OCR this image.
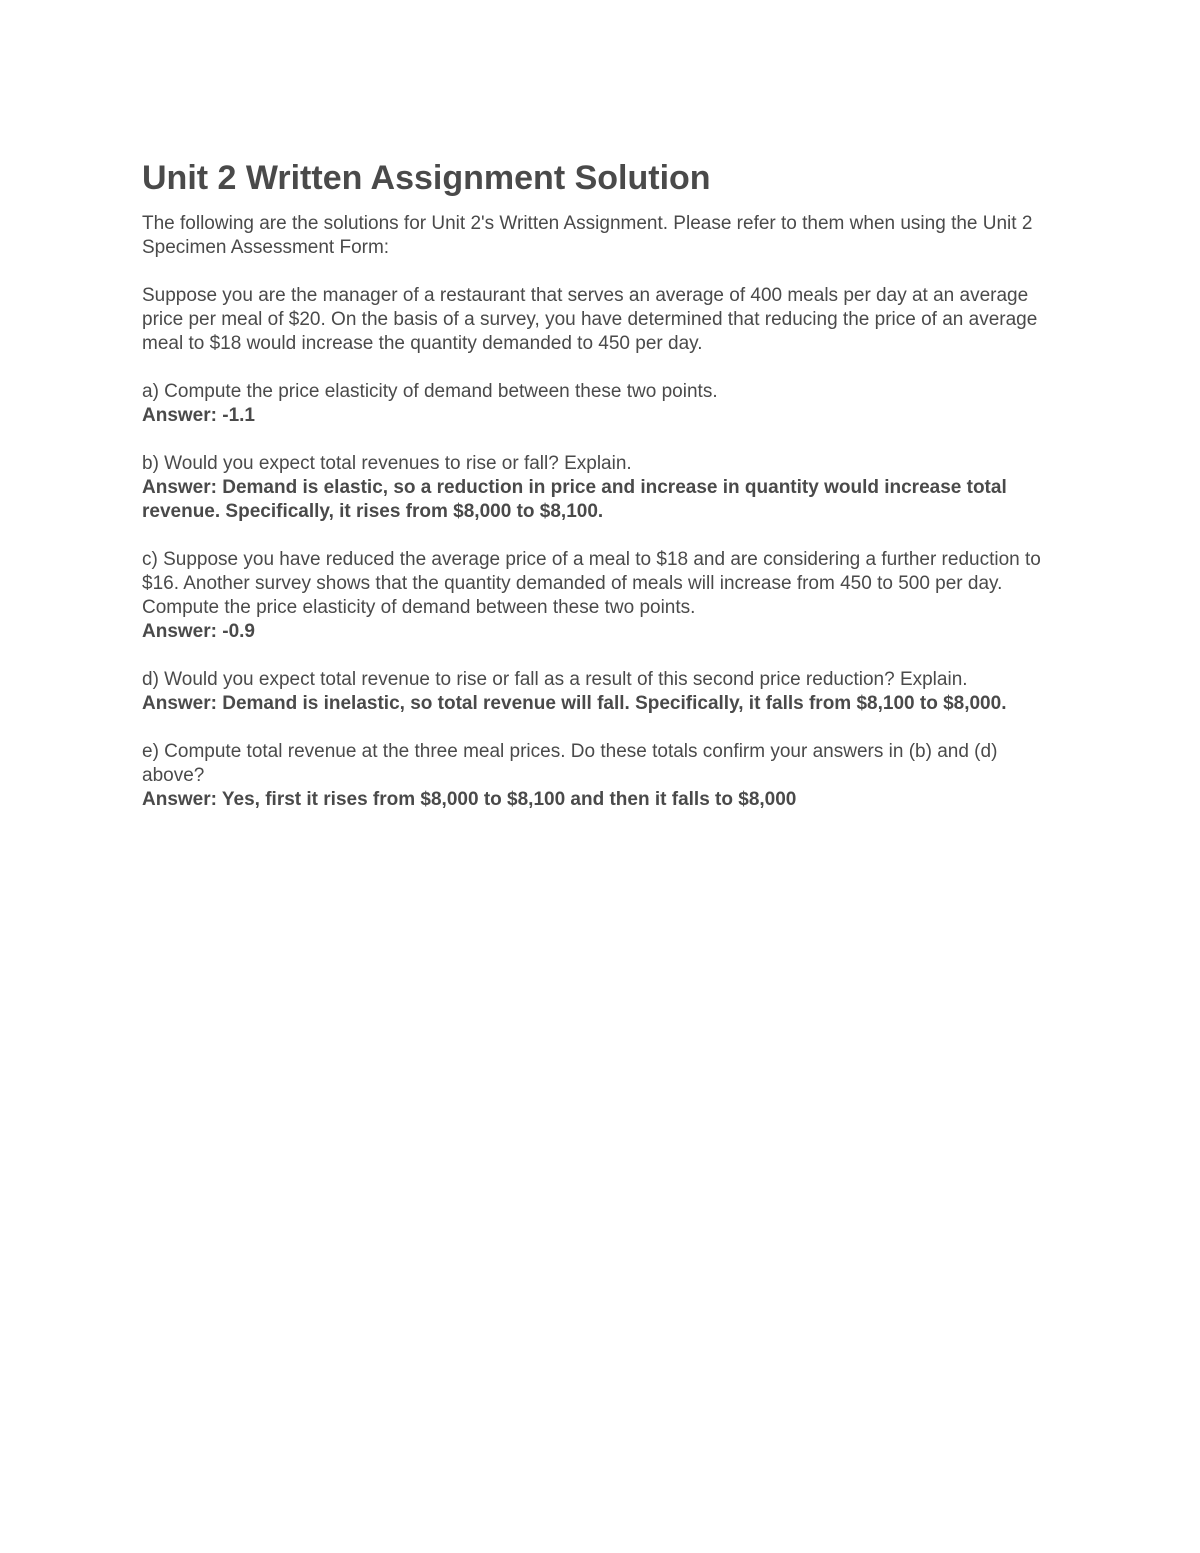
Unit 2 Written Assignment Solution

The following are the solutions for Unit 2's Written Assignment. Please refer to them when using the Unit 2 Specimen Assessment Form:

Suppose you are the manager of a restaurant that serves an average of 400 meals per day at an average price per meal of $20. On the basis of a survey, you have determined that reducing the price of an average meal to $18 would increase the quantity demanded to 450 per day.

a) Compute the price elasticity of demand between these two points.

Answer: -1.1

b) Would you expect total revenues to rise or fall? Explain.

Answer: Demand is elastic, so a reduction in price and increase in quantity would increase total revenue. Specifically, it rises from $8,000 to $8,100.

c) Suppose you have reduced the average price of a meal to $18 and are considering a further reduction to $16. Another survey shows that the quantity demanded of meals will increase from 450 to 500 per day. Compute the price elasticity of demand between these two points.

Answer: -0.9

d) Would you expect total revenue to rise or fall as a result of this second price reduction? Explain.

Answer: Demand is inelastic, so total revenue will fall. Specifically, it falls from $8,100 to $8,000.

e) Compute total revenue at the three meal prices. Do these totals confirm your answers in (b) and (d) above?

Answer: Yes, first it rises from $8,000 to $8,100 and then it falls to $8,000
